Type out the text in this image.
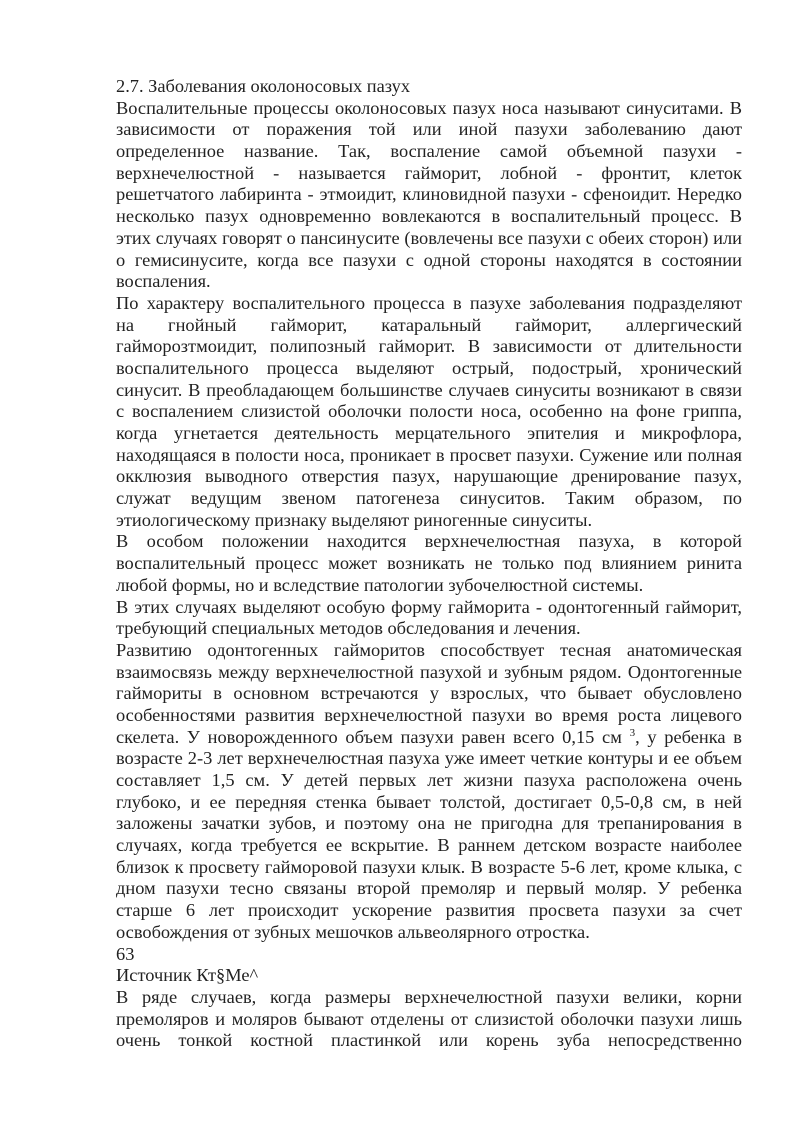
2.7. Заболевания околоносовых пазух
Воспалительные процессы околоносовых пазух носа называют синуситами. В
зависимости от поражения той или иной пазухи заболеванию дают
определенное название. Так, воспаление самой объемной пазухи -
верхнечелюстной - называется гайморит, лобной - фронтит, клеток
решетчатого лабиринта - этмоидит, клиновидной пазухи - сфеноидит. Нередко
несколько пазух одновременно вовлекаются в воспалительный процесс. В
этих случаях говорят о пансинусите (вовлечены все пазухи с обеих сторон) или
о гемисинусите, когда все пазухи с одной стороны находятся в состоянии
воспаления.
По характеру воспалительного процесса в пазухе заболевания подразделяют
на гнойный гайморит, катаральный гайморит, аллергический
гайморозтмоидит, полипозный гайморит. В зависимости от длительности
воспалительного процесса выделяют острый, подострый, хронический
синусит. В преобладающем большинстве случаев синуситы возникают в связи
с воспалением слизистой оболочки полости носа, особенно на фоне гриппа,
когда угнетается деятельность мерцательного эпителия и микрофлора,
находящаяся в полости носа, проникает в просвет пазухи. Сужение или полная
окклюзия выводного отверстия пазух, нарушающие дренирование пазух,
служат ведущим звеном патогенеза синуситов. Таким образом, по
этиологическому признаку выделяют риногенные синуситы.
В особом положении находится верхнечелюстная пазуха, в которой
воспалительный процесс может возникать не только под влиянием ринита
любой формы, но и вследствие патологии зубочелюстной системы.
В этих случаях выделяют особую форму гайморита - одонтогенный гайморит,
требующий специальных методов обследования и лечения.
Развитию одонтогенных гайморитов способствует тесная анатомическая
взаимосвязь между верхнечелюстной пазухой и зубным рядом. Одонтогенные
гаймориты в основном встречаются у взрослых, что бывает обусловлено
особенностями развития верхнечелюстной пазухи во время роста лицевого
скелета. У новорожденного объем пазухи равен всего 0,15 см $^3$, у ребенка в
возрасте 2-3 лет верхнечелюстная пазуха уже имеет четкие контуры и ее объем
составляет 1,5 см. У детей первых лет жизни пазуха расположена очень
глубоко, и ее передняя стенка бывает толстой, достигает 0,5-0,8 см, в ней
заложены зачатки зубов, и поэтому она не пригодна для трепанирования в
случаях, когда требуется ее вскрытие. В раннем детском возрасте наиболее
близок к просвету гайморовой пазухи клык. В возрасте 5-6 лет, кроме клыка, с
дном пазухи тесно связаны второй премоляр и первый моляр. У ребенка
старше 6 лет происходит ускорение развития просвета пазухи за счет
освобождения от зубных мешочков альвеолярного отростка.
63
Источник Кт§Ме^
В ряде случаев, когда размеры верхнечелюстной пазухи велики, корни
премоляров и моляров бывают отделены от слизистой оболочки пазухи лишь
очень тонкой костной пластинкой или корень зуба непосредственно
